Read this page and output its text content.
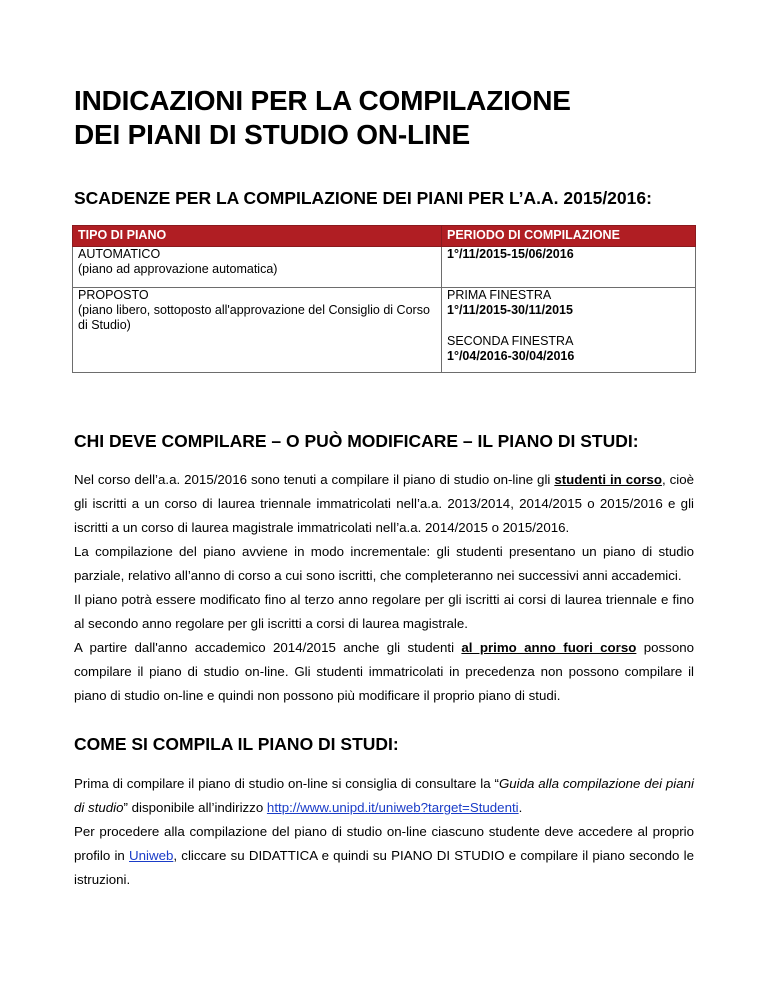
INDICAZIONI PER LA COMPILAZIONE
DEI PIANI DI STUDIO ON-LINE
SCADENZE PER LA COMPILAZIONE DEI PIANI PER L’A.A. 2015/2016:
TIPO DI PIANO	PERIODO DI COMPILAZIONE

AUTOMATICO
(piano ad approvazione automatica)	1°/11/2015-15/06/2016

PROPOSTO
(piano libero, sottoposto all'approvazione del Consiglio di Corso di Studio)	PRIMA FINESTRA
1°/11/2015-30/11/2015
SECONDA FINESTRA
1°/04/2016-30/04/2016
CHI DEVE COMPILARE – O PUÒ MODIFICARE – IL PIANO DI STUDI:

Nel corso dell’a.a. 2015/2016 sono tenuti a compilare il piano di studio on-line gli studenti in corso, cioè gli iscritti a un corso di laurea triennale immatricolati nell’a.a. 2013/2014, 2014/2015 o 2015/2016 e gli iscritti a un corso di laurea magistrale immatricolati nell’a.a. 2014/2015 o 2015/2016.

La compilazione del piano avviene in modo incrementale: gli studenti presentano un piano di studio parziale, relativo all’anno di corso a cui sono iscritti, che completeranno nei successivi anni accademici.

Il piano potrà essere modificato fino al terzo anno regolare per gli iscritti ai corsi di laurea triennale e fino al secondo anno regolare per gli iscritti a corsi di laurea magistrale.

A partire dall'anno accademico 2014/2015 anche gli studenti al primo anno fuori corso possono compilare il piano di studio on-line. Gli studenti immatricolati in precedenza non possono compilare il piano di studio on-line e quindi non possono più modificare il proprio piano di studi.

COME SI COMPILA IL PIANO DI STUDI:

Prima di compilare il piano di studio on-line si consiglia di consultare la “Guida alla compilazione dei piani di studio” disponibile all’indirizzo http://www.unipd.it/uniweb?target=Studenti.

Per procedere alla compilazione del piano di studio on-line ciascuno studente deve accedere al proprio profilo in Uniweb, cliccare su DIDATTICA e quindi su PIANO DI STUDIO e compilare il piano secondo le istruzioni.
